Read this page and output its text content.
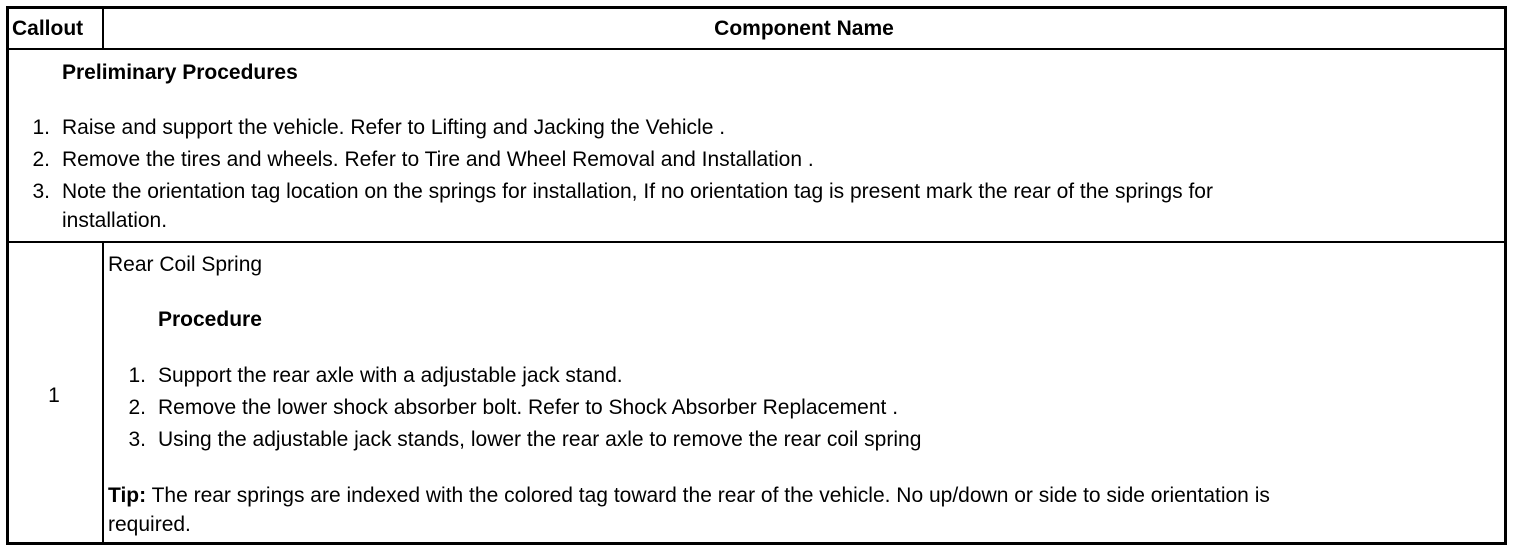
Callout	Component Name
Preliminary Procedures
1. Raise and support the vehicle. Refer to Lifting and Jacking the Vehicle .
2. Remove the tires and wheels. Refer to Tire and Wheel Removal and Installation .
3. Note the orientation tag location on the springs for installation, If no orientation tag is present mark the rear of the springs for
installation.
1
Rear Coil Spring
Procedure
1. Support the rear axle with a adjustable jack stand.
2. Remove the lower shock absorber bolt. Refer to Shock Absorber Replacement .
3. Using the adjustable jack stands, lower the rear axle to remove the rear coil spring
Tip: The rear springs are indexed with the colored tag toward the rear of the vehicle. No up/down or side to side orientation is
required.
